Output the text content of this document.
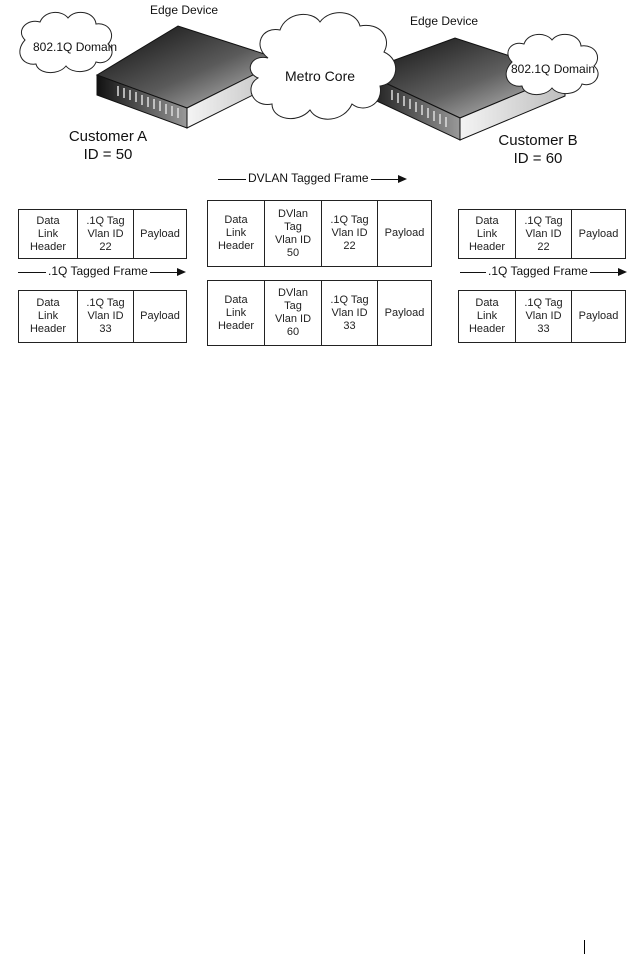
Edge Device
Edge Device
802.1Q Domain
802.1Q Domain
Metro Core
Customer A
ID = 50
Customer B
ID = 60
DVLAN Tagged Frame
.1Q Tagged Frame	.1Q Tagged Frame
Data
Link
Header
.1Q Tag
Vlan ID
22
Payload
Data
Link
Header
.1Q Tag
Vlan ID
33
Payload
Data
Link
Header
DVlan
Tag
Vlan ID
50
.1Q Tag
Vlan ID
22
Payload
Data
Link
Header
DVlan
Tag
Vlan ID
60
.1Q Tag
Vlan ID
33
Payload
Data
Link
Header
.1Q Tag
Vlan ID
22
Payload
Data
Link
Header
.1Q Tag
Vlan ID
33
Payload
